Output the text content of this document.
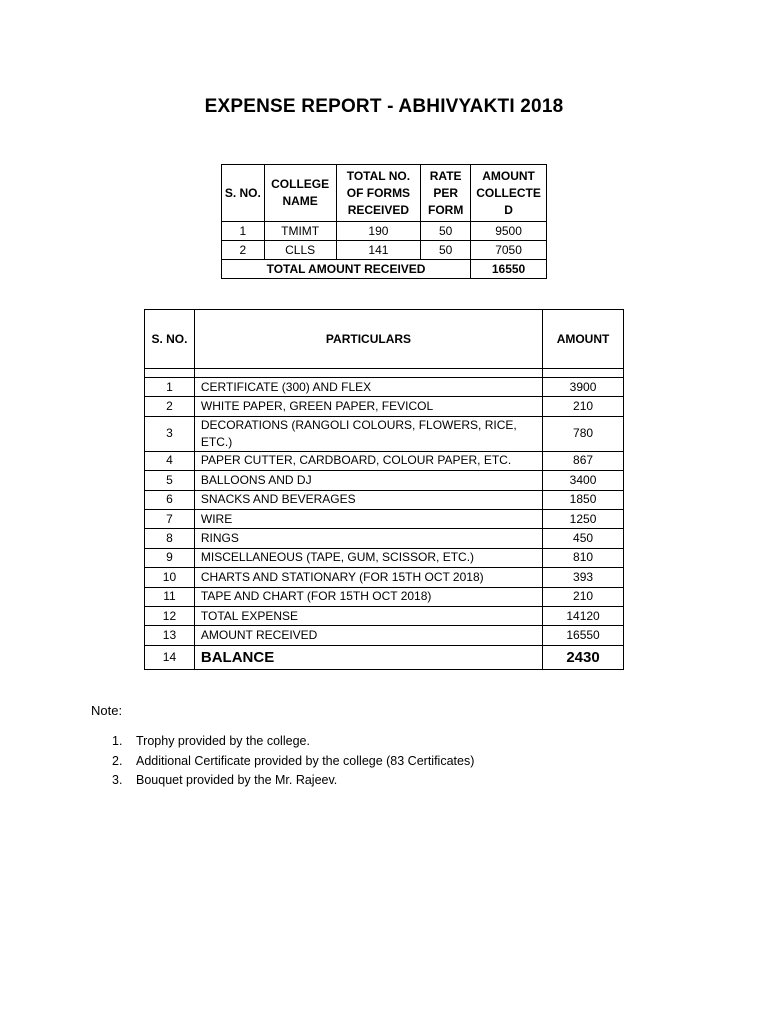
EXPENSE REPORT - ABHIVYAKTI 2018
S. NO.	COLLEGE NAME	TOTAL NO. OF FORMS RECEIVED	RATE PER FORM	AMOUNT COLLECTE D
1	TMIMT	190	50	9500
2	CLLS	141	50	7050
TOTAL AMOUNT RECEIVED				16550
S. NO.	PARTICULARS	AMOUNT

1	CERTIFICATE (300) AND FLEX	3900
2	WHITE PAPER, GREEN PAPER, FEVICOL	210
3	DECORATIONS (RANGOLI COLOURS, FLOWERS, RICE, ETC.)	780
4	PAPER CUTTER, CARDBOARD, COLOUR PAPER, ETC.	867
5	BALLOONS AND DJ	3400
6	SNACKS AND BEVERAGES	1850
7	WIRE	1250
8	RINGS	450
9	MISCELLANEOUS (TAPE, GUM, SCISSOR, ETC.)	810
10	CHARTS AND STATIONARY (FOR 15TH OCT 2018)	393
11	TAPE AND CHART (FOR 15TH OCT 2018)	210
12	TOTAL EXPENSE	14120
13	AMOUNT RECEIVED	16550
14	BALANCE	2430
Note:
1. Trophy provided by the college.
2. Additional Certificate provided by the college (83 Certificates)
3. Bouquet provided by the Mr. Rajeev.
